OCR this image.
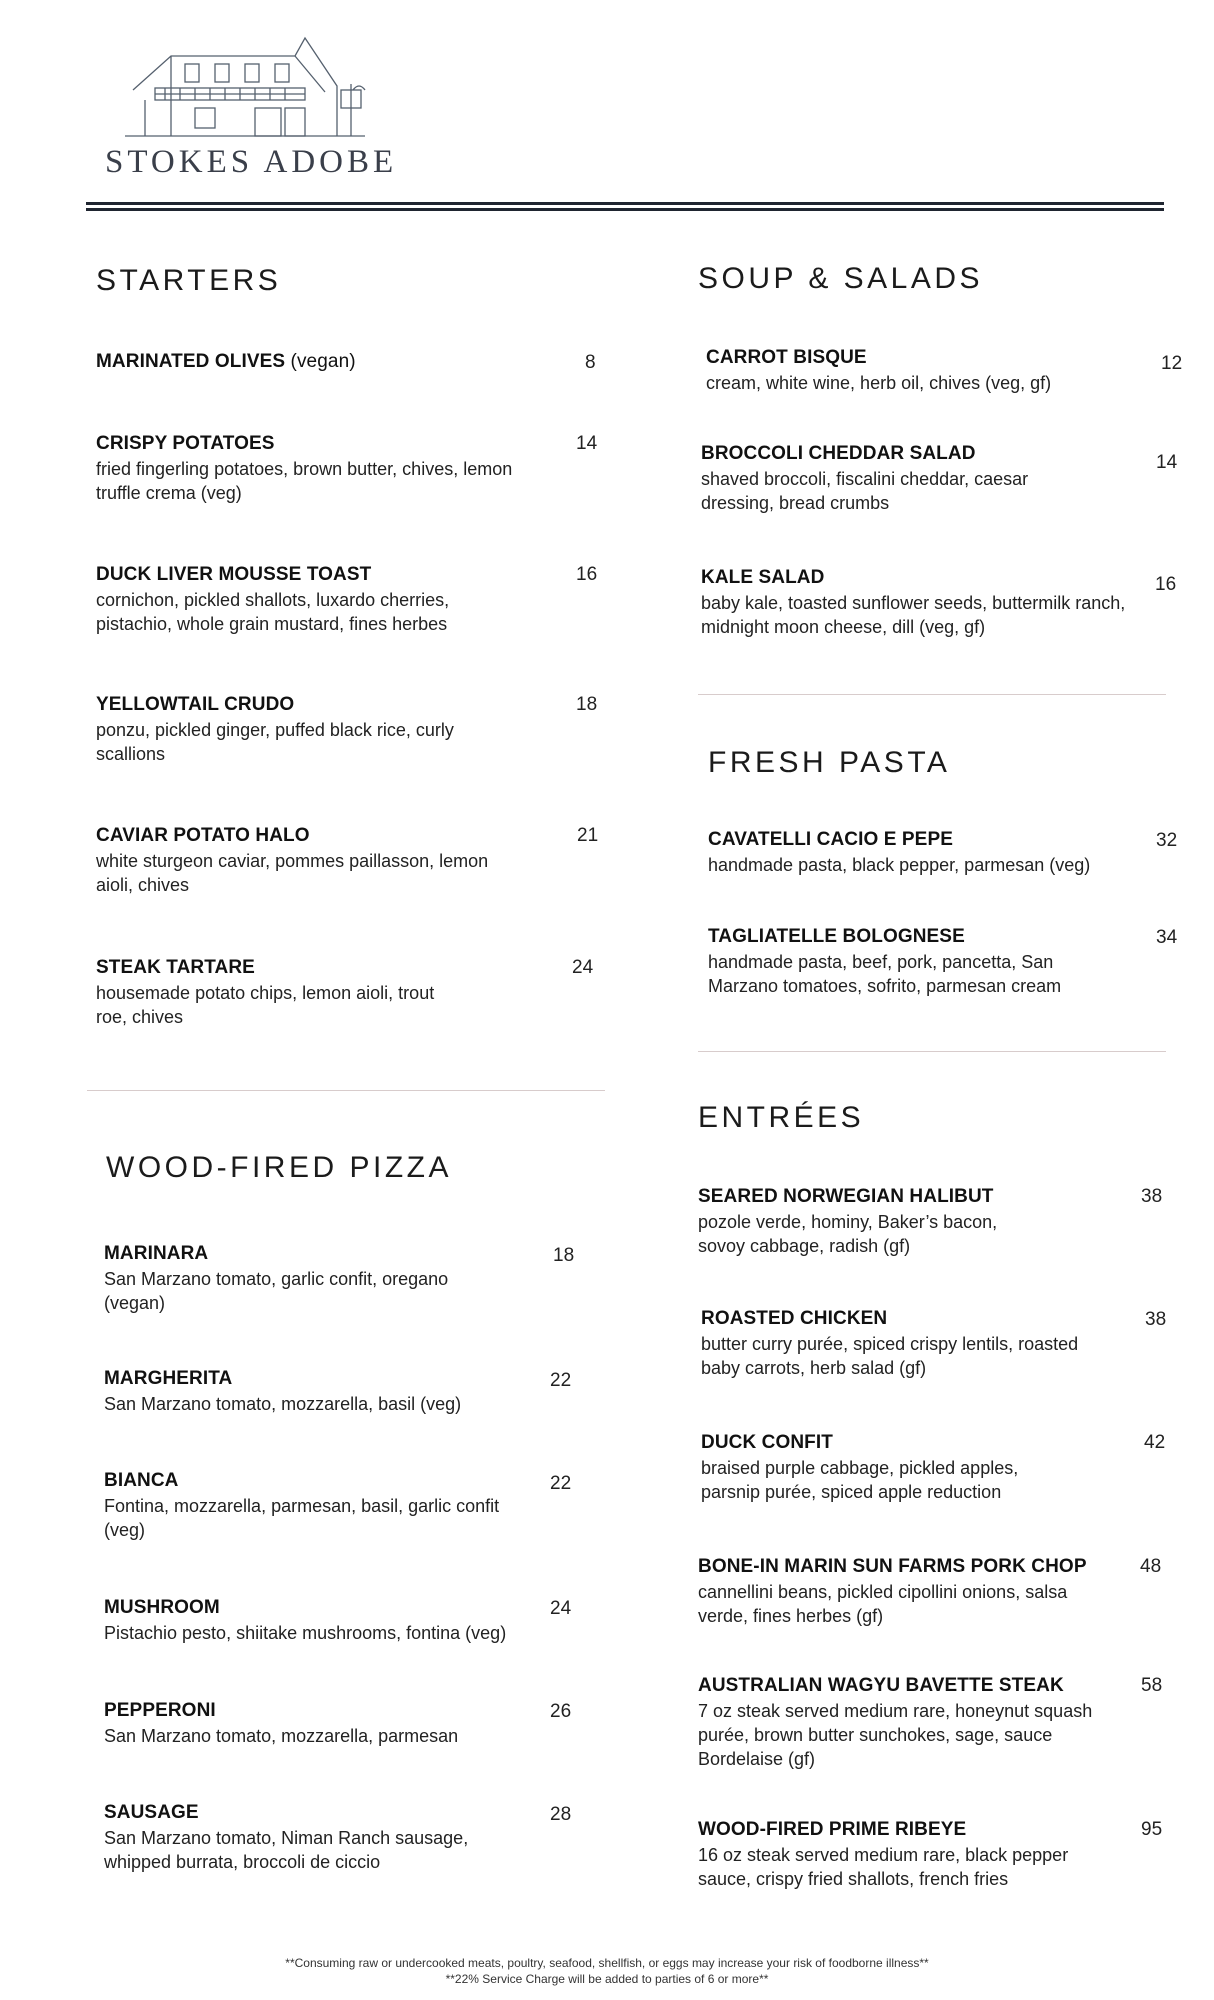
STOKES ADOBE
STARTERS
MARINATED OLIVES (vegan)	8
CRISPY POTATOES
fried fingerling potatoes, brown butter, chives, lemon truffle crema (veg)
14
DUCK LIVER MOUSSE TOAST
cornichon, pickled shallots, luxardo cherries, pistachio, whole grain mustard, fines herbes
16
YELLOWTAIL CRUDO
ponzu, pickled ginger, puffed black rice, curly scallions
18
CAVIAR POTATO HALO
white sturgeon caviar, pommes paillasson, lemon aioli, chives
21
STEAK TARTARE
housemade potato chips, lemon aioli, trout roe, chives
24
WOOD-FIRED PIZZA
MARINARA
San Marzano tomato, garlic confit, oregano (vegan)
18
MARGHERITA
San Marzano tomato, mozzarella, basil (veg)
22
BIANCA
Fontina, mozzarella, parmesan, basil, garlic confit (veg)
22
MUSHROOM
Pistachio pesto, shiitake mushrooms, fontina (veg)
24
PEPPERONI
San Marzano tomato, mozzarella, parmesan
26
SAUSAGE
San Marzano tomato, Niman Ranch sausage, whipped burrata, broccoli de ciccio
28
SOUP & SALADS
CARROT BISQUE
cream, white wine, herb oil, chives (veg, gf)
12
BROCCOLI CHEDDAR SALAD
shaved broccoli, fiscalini cheddar, caesar dressing, bread crumbs
14
KALE SALAD
baby kale, toasted sunflower seeds, buttermilk ranch, midnight moon cheese, dill (veg, gf)
16
FRESH PASTA
CAVATELLI CACIO E PEPE
handmade pasta, black pepper, parmesan (veg)
32
TAGLIATELLE BOLOGNESE
handmade pasta, beef, pork, pancetta, San Marzano tomatoes, sofrito, parmesan cream
34
ENTRÉES
SEARED NORWEGIAN HALIBUT
pozole verde, hominy, Baker’s bacon, sovoy cabbage, radish (gf)
38
ROASTED CHICKEN
butter curry purée, spiced crispy lentils, roasted baby carrots, herb salad (gf)
38
DUCK CONFIT
braised purple cabbage, pickled apples, parsnip purée, spiced apple reduction
42
BONE-IN MARIN SUN FARMS PORK CHOP
cannellini beans, pickled cipollini onions, salsa verde, fines herbes (gf)
48
AUSTRALIAN WAGYU BAVETTE STEAK
7 oz steak served medium rare, honeynut squash purée, brown butter sunchokes, sage, sauce Bordelaise (gf)
58
WOOD-FIRED PRIME RIBEYE
16 oz steak served medium rare, black pepper sauce, crispy fried shallots, french fries
95
**Consuming raw or undercooked meats, poultry, seafood, shellfish, or eggs may increase your risk of foodborne illness**
**22% Service Charge will be added to parties of 6 or more**
